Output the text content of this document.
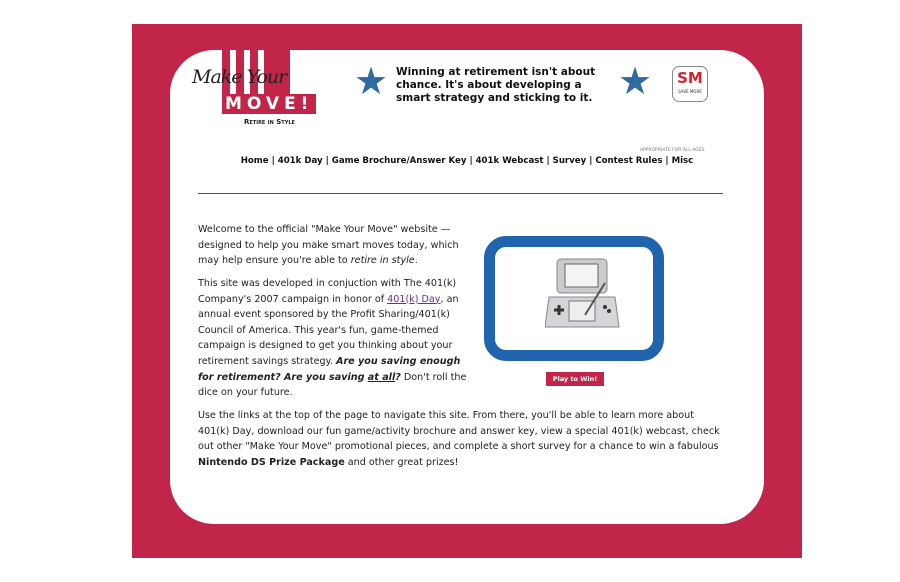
Make Your
MOVE!
Retire in Style
★ Winning at retirement isn't about chance. It's about developing a smart strategy and sticking to it. ★ SM
SAVE MORE
APPROPRIATE FOR ALL AGES
Home | 401k Day | Game Brochure/Answer Key | 401k Webcast | Survey | Contest Rules | Misc

Welcome to the official "Make Your Move" website — designed to help you make smart moves today, which may help ensure you're able to retire in style.

This site was developed in conjuction with The 401(k) Company's 2007 campaign in honor of 401(k) Day, an annual event sponsored by the Profit Sharing/401(k) Council of America. This year's fun, game-themed campaign is designed to get you thinking about your retirement savings strategy. Are you saving enough for retirement? Are you saving at all? Don't roll the dice on your future.

Use the links at the top of the page to navigate this site. From there, you'll be able to learn more about 401(k) Day, download our fun game/activity brochure and answer key, view a special 401(k) webcast, check out other "Make Your Move" promotional pieces, and complete a short survey for a chance to win a fabulous Nintendo DS Prize Package and other great prizes!

Play to Win!
